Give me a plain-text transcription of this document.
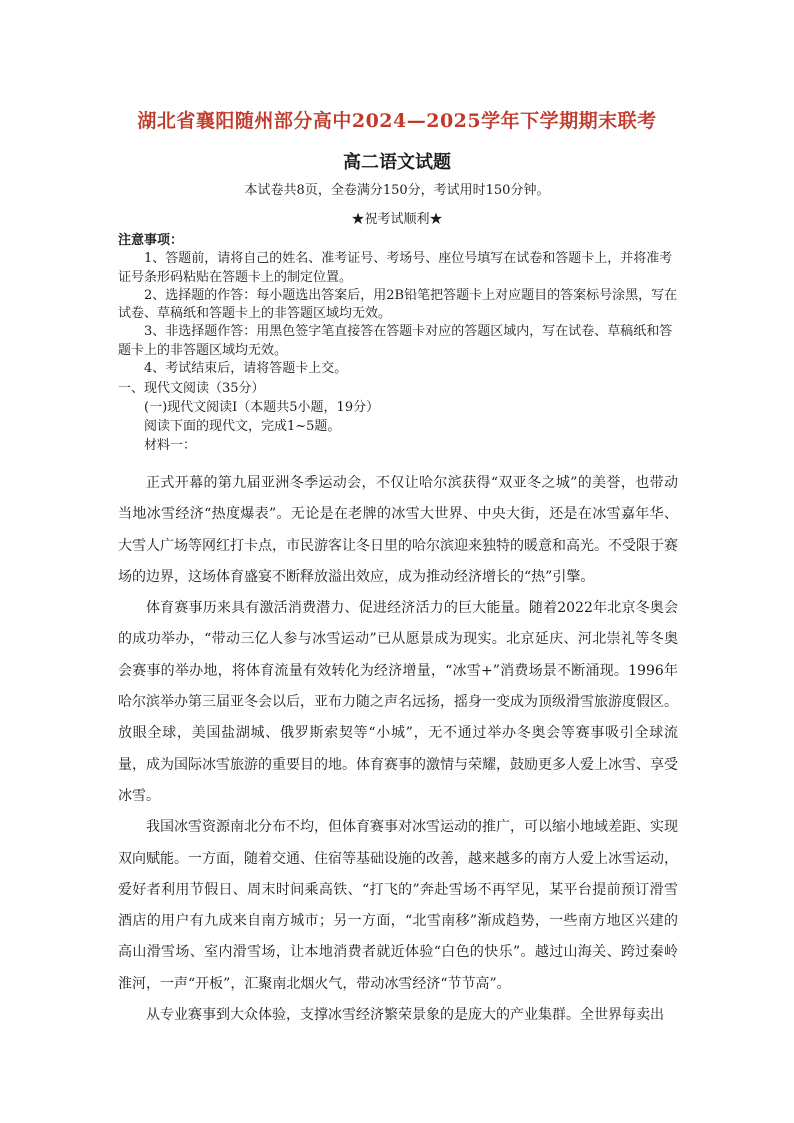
湖北省襄阳随州部分高中2024—2025学年下学期期末联考
高二语文试题
本试卷共8页，全卷满分150分，考试用时150分钟。
★祝考试顺利★
注意事项：
1、答题前，请将自己的姓名、准考证号、考场号、座位号填写在试卷和答题卡上，并将准考证号条形码粘贴在答题卡上的制定位置。
2、选择题的作答：每小题选出答案后，用2B铅笔把答题卡上对应题目的答案标号涂黑，写在试卷、草稿纸和答题卡上的非答题区域均无效。
3、非选择题作答：用黑色签字笔直接答在答题卡对应的答题区域内，写在试卷、草稿纸和答题卡上的非答题区域均无效。
4、考试结束后，请将答题卡上交。
一、现代文阅读（35分）
(一)现代文阅读Ⅰ（本题共5小题，19分）
阅读下面的现代文，完成1~5题。
材料一：

正式开幕的第九届亚洲冬季运动会，不仅让哈尔滨获得“双亚冬之城”的美誉，也带动当地冰雪经济“热度爆表”。无论是在老牌的冰雪大世界、中央大街，还是在冰雪嘉年华、大雪人广场等网红打卡点，市民游客让冬日里的哈尔滨迎来独特的暖意和高光。不受限于赛场的边界，这场体育盛宴不断释放溢出效应，成为推动经济增长的“热”引擎。

体育赛事历来具有激活消费潜力、促进经济活力的巨大能量。随着2022年北京冬奥会的成功举办，“带动三亿人参与冰雪运动”已从愿景成为现实。北京延庆、河北崇礼等冬奥会赛事的举办地，将体育流量有效转化为经济增量，“冰雪+”消费场景不断涌现。1996年哈尔滨举办第三届亚冬会以后，亚布力随之声名远扬，摇身一变成为顶级滑雪旅游度假区。放眼全球，美国盐湖城、俄罗斯索契等“小城”，无不通过举办冬奥会等赛事吸引全球流量，成为国际冰雪旅游的重要目的地。体育赛事的激情与荣耀，鼓励更多人爱上冰雪、享受冰雪。

我国冰雪资源南北分布不均，但体育赛事对冰雪运动的推广，可以缩小地域差距、实现双向赋能。一方面，随着交通、住宿等基础设施的改善，越来越多的南方人爱上冰雪运动，爱好者利用节假日、周末时间乘高铁、“打飞的”奔赴雪场不再罕见，某平台提前预订滑雪酒店的用户有九成来自南方城市；另一方面，“北雪南移”渐成趋势，一些南方地区兴建的高山滑雪场、室内滑雪场，让本地消费者就近体验“白色的快乐”。越过山海关、跨过秦岭淮河，一声“开板”，汇聚南北烟火气，带动冰雪经济“节节高”。

从专业赛事到大众体验，支撑冰雪经济繁荣景象的是庞大的产业集群。全世界每卖出
